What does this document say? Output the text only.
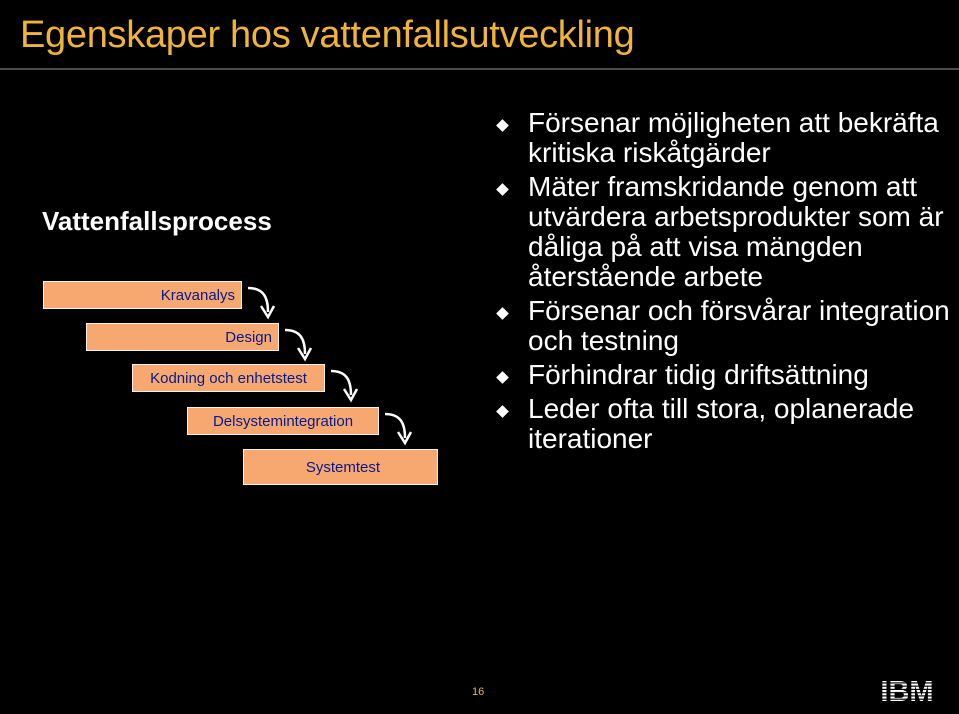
Egenskaper hos vattenfallsutveckling
Vattenfallsprocess
Kravanalys
Design
Kodning och enhetstest
Delsystemintegration
Systemtest
Försenar möjligheten att bekräfta kritiska riskåtgärder
Mäter framskridande genom att utvärdera arbetsprodukter som är dåliga på att visa mängden återstående arbete
Försenar och försvårar integration och testning
Förhindrar tidig driftsättning
Leder ofta till stora, oplanerade iterationer
16	IBM
